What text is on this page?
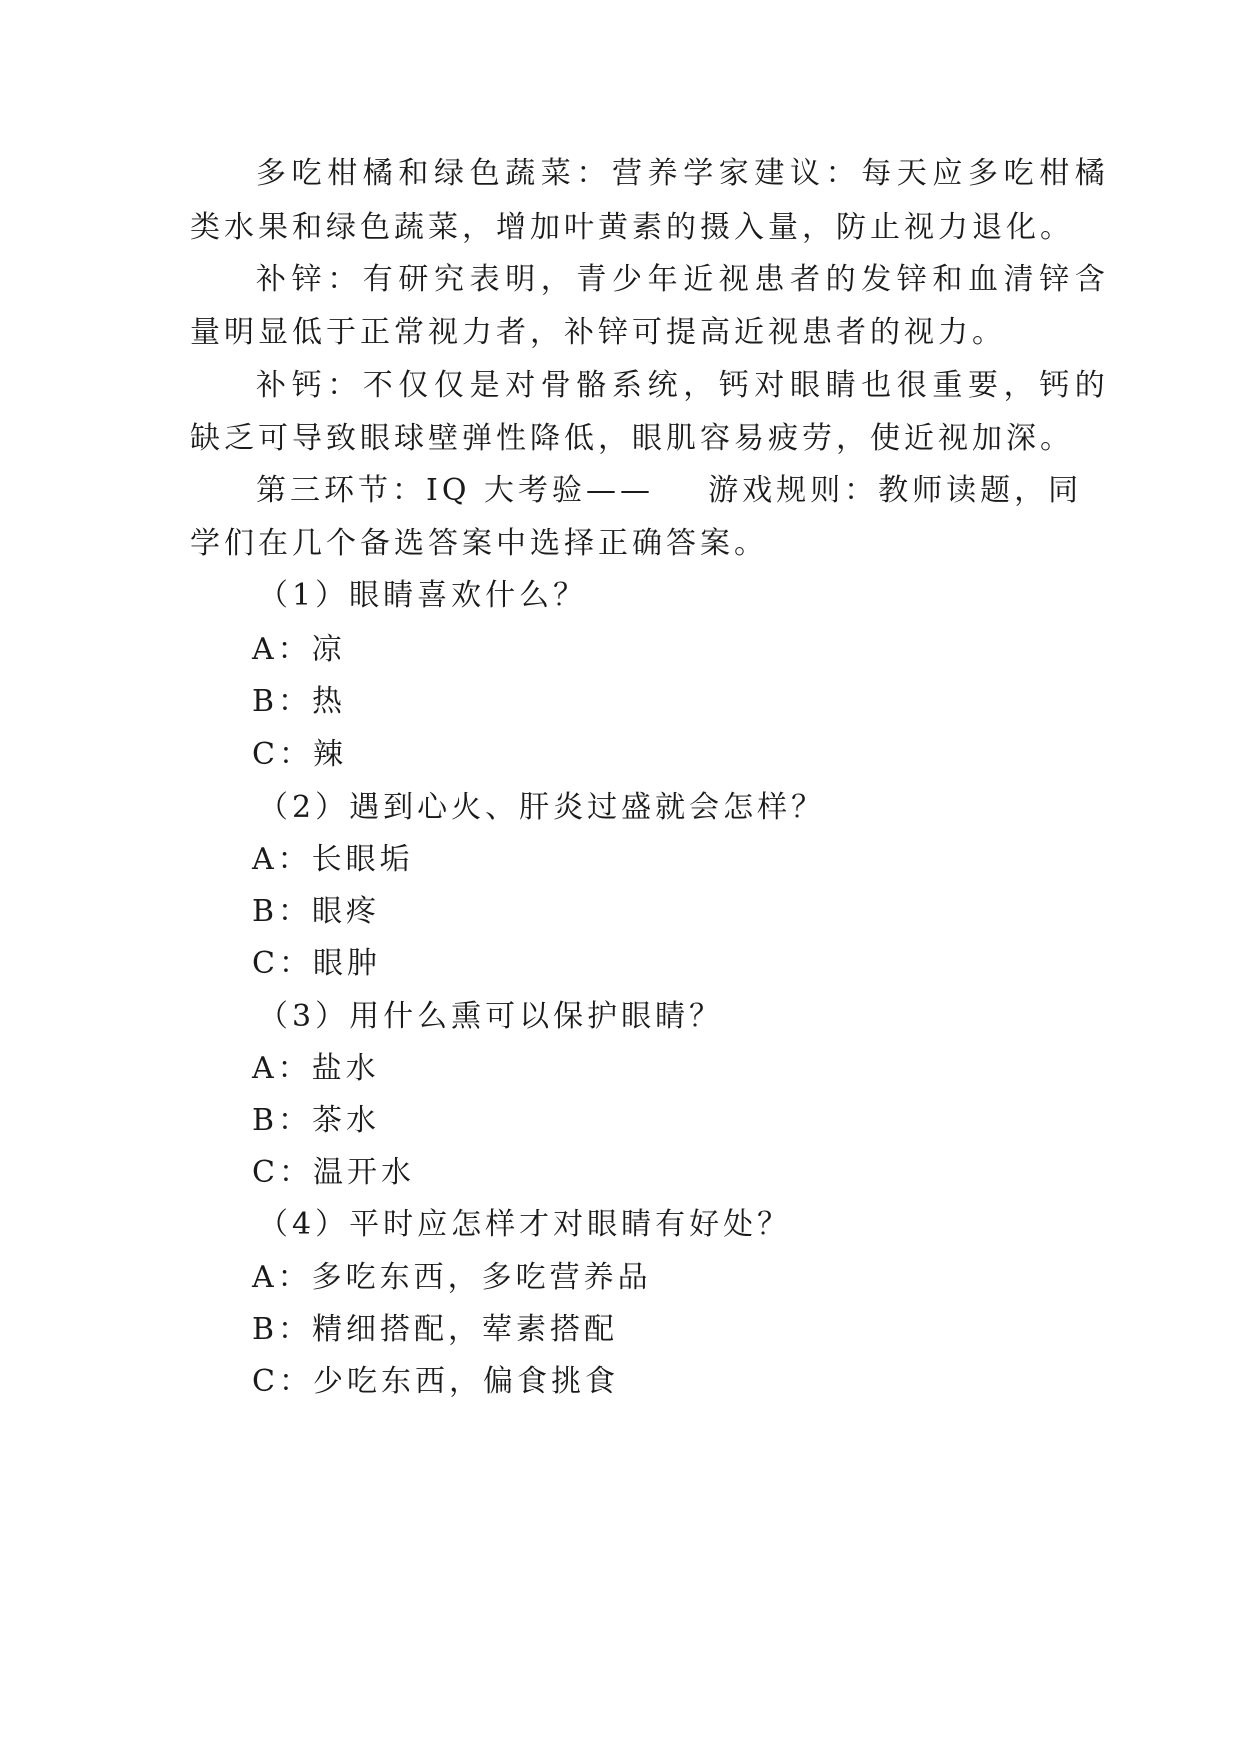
多吃柑橘和绿色蔬菜：营养学家建议：每天应多吃柑橘
类水果和绿色蔬菜，增加叶黄素的摄入量，防止视力退化。
补锌：有研究表明，青少年近视患者的发锌和血清锌含
量明显低于正常视力者，补锌可提高近视患者的视力。
补钙：不仅仅是对骨骼系统，钙对眼睛也很重要，钙的
缺乏可导致眼球壁弹性降低，眼肌容易疲劳，使近视加深。
第三环节：IQ 大考验——    游戏规则：教师读题，同
学们在几个备选答案中选择正确答案。
（1）眼睛喜欢什么？
A：凉
B：热
C：辣
（2）遇到心火、肝炎过盛就会怎样？
A：长眼垢
B：眼疼
C：眼肿
（3）用什么熏可以保护眼睛？
A：盐水
B：茶水
C：温开水
（4）平时应怎样才对眼睛有好处？
A：多吃东西，多吃营养品
B：精细搭配，荤素搭配
C：少吃东西，偏食挑食
